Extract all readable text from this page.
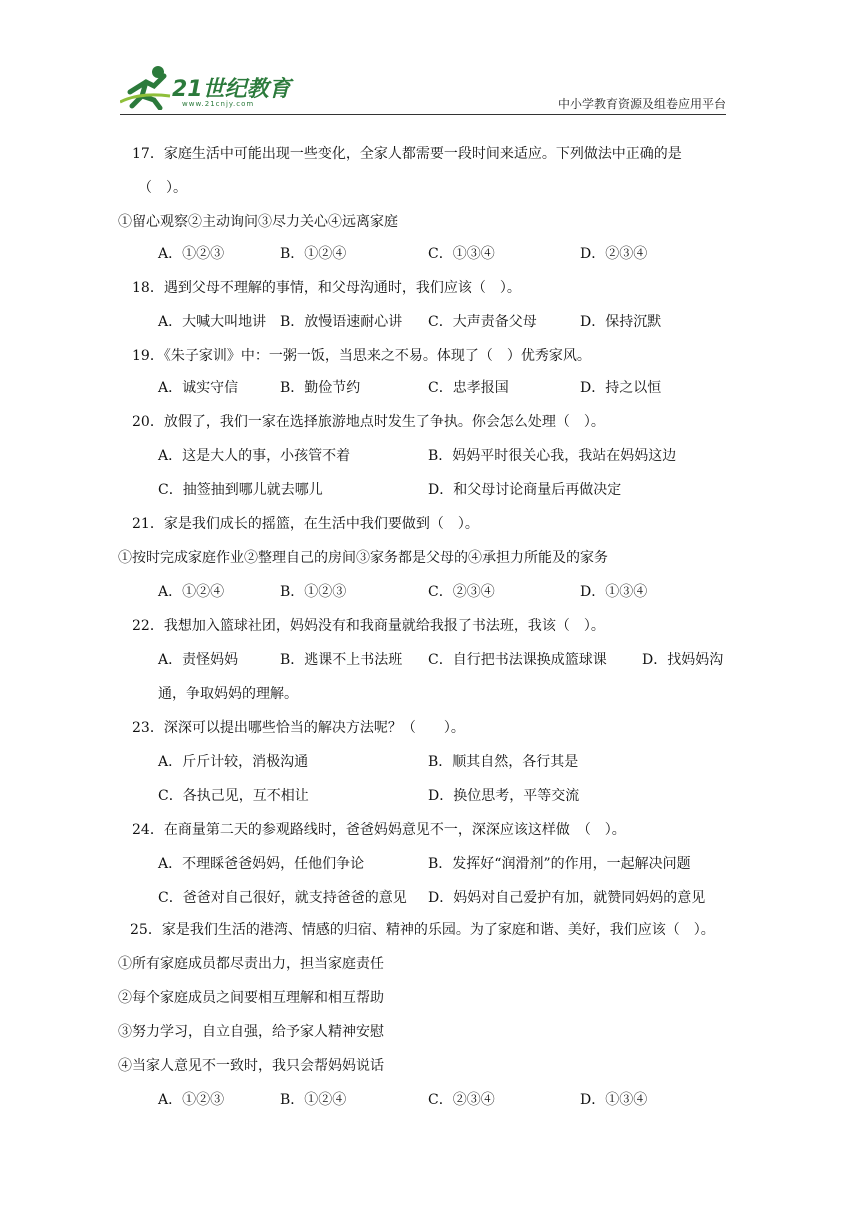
21世纪教育
www.21cnjy.com	中小学教育资源及组卷应用平台
17．家庭生活中可能出现一些变化，全家人都需要一段时间来适应。下列做法中正确的是
（　）。
①留心观察②主动询问③尽力关心④远离家庭
A．①②③	B．①②④	C．①③④	D．②③④
18．遇到父母不理解的事情，和父母沟通时，我们应该（　）。
A．大喊大叫地讲 B．放慢语速耐心讲 C．大声责备父母	D．保持沉默
19．《朱子家训》中：一粥一饭，当思来之不易。体现了（　）优秀家风。
A．诚实守信	B．勤俭节约	C．忠孝报国	D．持之以恒
20．放假了，我们一家在选择旅游地点时发生了争执。你会怎么处理（　）。
A．这是大人的事，小孩管不着	B．妈妈平时很关心我，我站在妈妈这边
C．抽签抽到哪儿就去哪儿	D．和父母讨论商量后再做决定
21．家是我们成长的摇篮，在生活中我们要做到（　）。
①按时完成家庭作业②整理自己的房间③家务都是父母的④承担力所能及的家务
A．①②④	B．①②③	C．②③④	D．①③④
22．我想加入篮球社团，妈妈没有和我商量就给我报了书法班，我该（　）。
A．责怪妈妈	B．逃课不上书法班 C．自行把书法课换成篮球课	D．找妈妈沟
通，争取妈妈的理解。
23．深深可以提出哪些恰当的解决方法呢？（　　）。
A．斤斤计较，消极沟通	B．顺其自然，各行其是
C．各执己见，互不相让	D．换位思考，平等交流
24．在商量第二天的参观路线时，爸爸妈妈意见不一，深深应该这样做　（　）。
A．不理睬爸爸妈妈，任他们争论	B．发挥好“润滑剂”的作用，一起解决问题
C．爸爸对自己很好，就支持爸爸的意见 D．妈妈对自己爱护有加，就赞同妈妈的意见
25．家是我们生活的港湾、情感的归宿、精神的乐园。为了家庭和谐、美好，我们应该（　）。
①所有家庭成员都尽责出力，担当家庭责任
②每个家庭成员之间要相互理解和相互帮助
③努力学习，自立自强，给予家人精神安慰
④当家人意见不一致时，我只会帮妈妈说话
A．①②③	B．①②④	C．②③④	D．①③④
